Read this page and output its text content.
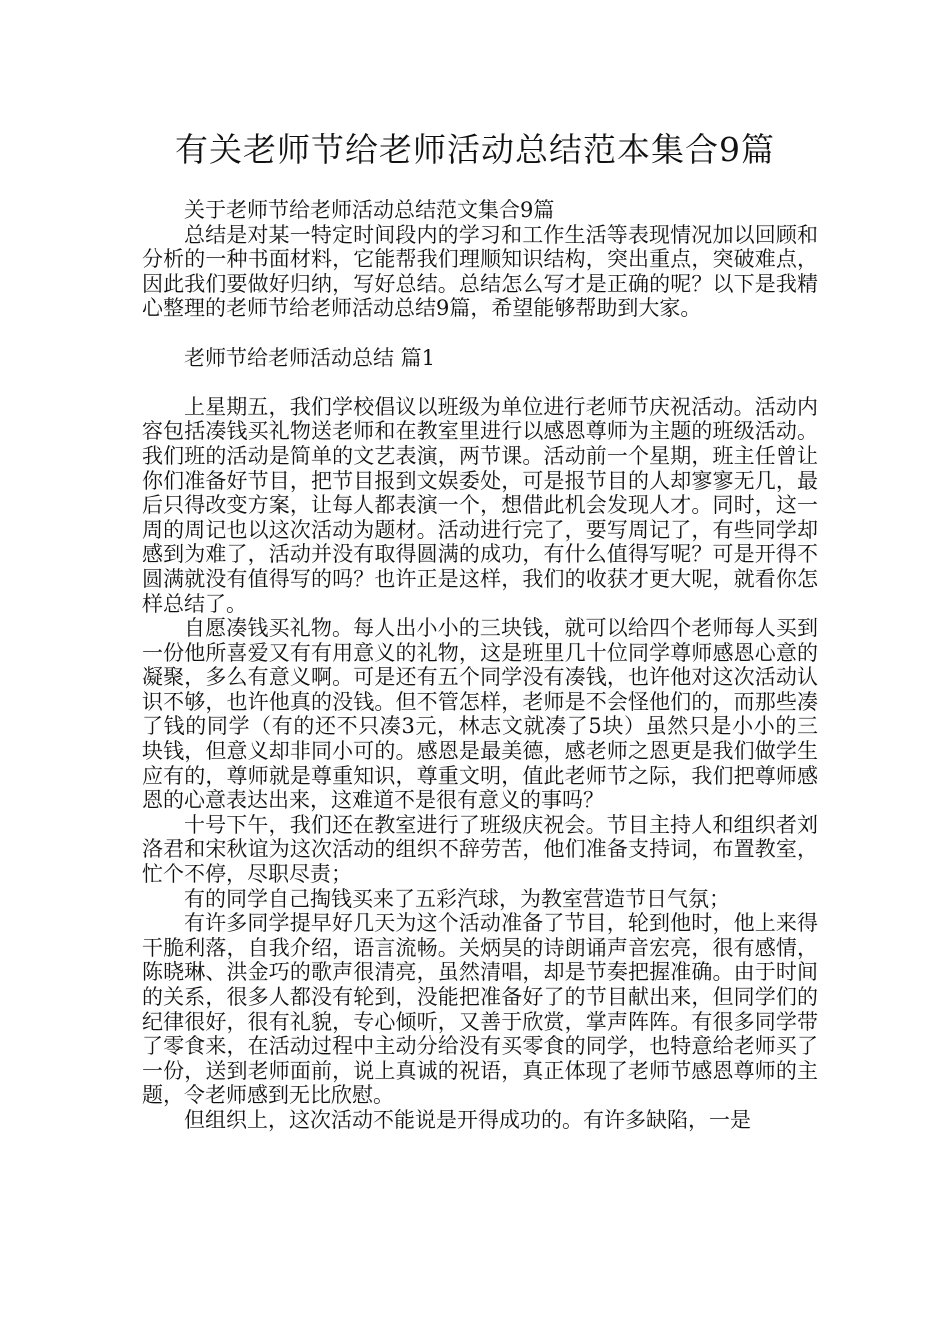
有关老师节给老师活动总结范本集合9篇

关于老师节给老师活动总结范文集合9篇

总结是对某一特定时间段内的学习和工作生活等表现情况加以回顾和分析的一种书面材料，它能帮我们理顺知识结构，突出重点，突破难点，因此我们要做好归纳，写好总结。总结怎么写才是正确的呢？以下是我精心整理的老师节给老师活动总结9篇，希望能够帮助到大家。

老师节给老师活动总结 篇1

上星期五，我们学校倡议以班级为单位进行老师节庆祝活动。活动内容包括凑钱买礼物送老师和在教室里进行以感恩尊师为主题的班级活动。我们班的活动是简单的文艺表演，两节课。活动前一个星期，班主任曾让你们准备好节目，把节目报到文娱委处，可是报节目的人却寥寥无几，最后只得改变方案，让每人都表演一个，想借此机会发现人才。同时，这一周的周记也以这次活动为题材。活动进行完了，要写周记了，有些同学却感到为难了，活动并没有取得圆满的成功，有什么值得写呢？可是开得不圆满就没有值得写的吗？也许正是这样，我们的收获才更大呢，就看你怎样总结了。

自愿凑钱买礼物。每人出小小的三块钱，就可以给四个老师每人买到一份他所喜爱又有有用意义的礼物，这是班里几十位同学尊师感恩心意的凝聚，多么有意义啊。可是还有五个同学没有凑钱，也许他对这次活动认识不够，也许他真的没钱。但不管怎样，老师是不会怪他们的，而那些凑了钱的同学（有的还不只凑3元，林志文就凑了5块）虽然只是小小的三块钱，但意义却非同小可的。感恩是最美德，感老师之恩更是我们做学生应有的，尊师就是尊重知识，尊重文明，值此老师节之际，我们把尊师感恩的心意表达出来，这难道不是很有意义的事吗？

十号下午，我们还在教室进行了班级庆祝会。节目主持人和组织者刘洛君和宋秋谊为这次活动的组织不辞劳苦，他们准备支持词，布置教室，忙个不停，尽职尽责；

有的同学自己掏钱买来了五彩汽球，为教室营造节日气氛；

有许多同学提早好几天为这个活动准备了节目，轮到他时，他上来得干脆利落，自我介绍，语言流畅。关炳昊的诗朗诵声音宏亮，很有感情，陈晓琳、洪金巧的歌声很清亮，虽然清唱，却是节奏把握准确。由于时间的关系，很多人都没有轮到，没能把准备好了的节目献出来，但同学们的纪律很好，很有礼貌，专心倾听，又善于欣赏，掌声阵阵。有很多同学带了零食来，在活动过程中主动分给没有买零食的同学，也特意给老师买了一份，送到老师面前，说上真诚的祝语，真正体现了老师节感恩尊师的主题，令老师感到无比欣慰。

但组织上，这次活动不能说是开得成功的。有许多缺陷，一是
